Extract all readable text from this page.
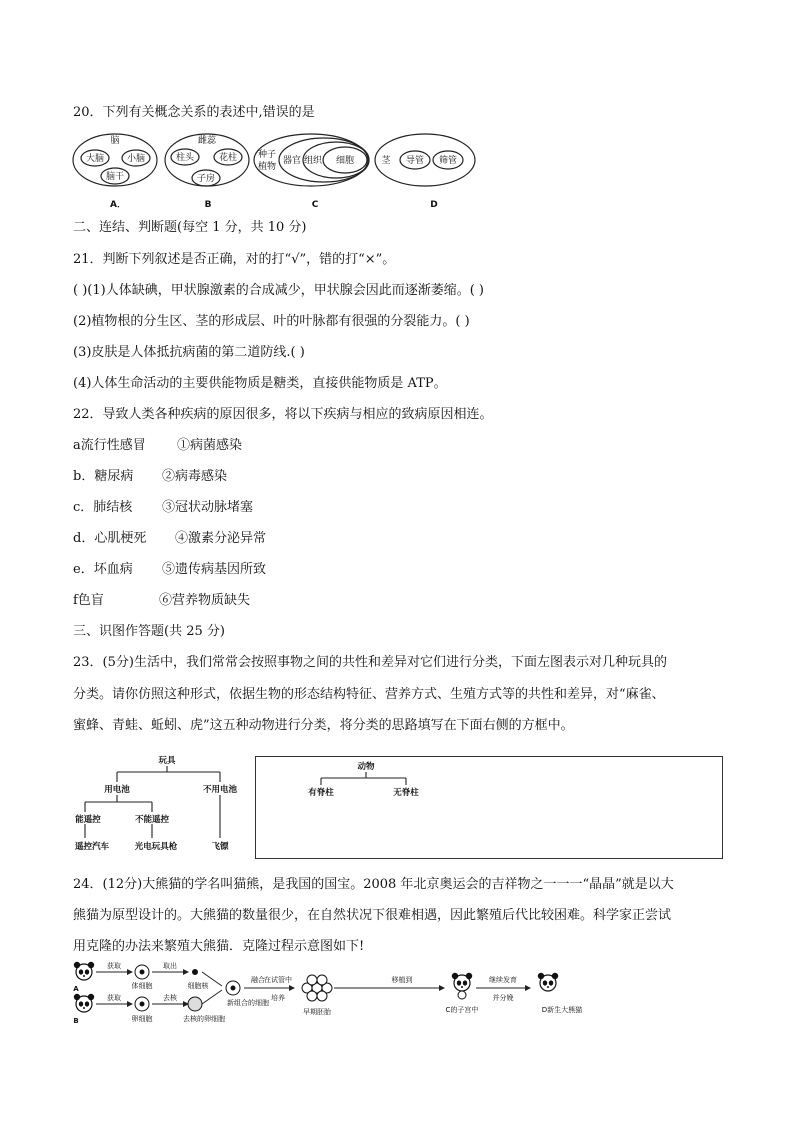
20．下列有关概念关系的表述中,错误的是
脑
大脑	小脑
脑干
A．
雌蕊
柱头	花柱
子房
B
种子
植物
器官 组织 细胞
C
茎 导管 筛管
D
二、连结、判断题(每空 1 分，共 10 分)
21．判断下列叙述是否正确，对的打“√”，错的打“×”。
( )(1)人体缺碘，甲状腺激素的合成减少，甲状腺会因此而逐渐萎缩。( )
(2)植物根的分生区、茎的形成层、叶的叶脉都有很强的分裂能力。( )
(3)皮肤是人体抵抗病菌的第二道防线.( )
(4)人体生命活动的主要供能物质是糖类，直接供能物质是 ATP。
22．导致人类各种疾病的原因很多，将以下疾病与相应的致病原因相连。
a流行性感冒 ①病菌感染
b．糖尿病 ②病毒感染
c．肺结核 ③冠状动脉堵塞
d．心肌梗死 ④激素分泌异常
e．坏血病 ⑤遗传病基因所致
f色盲	⑥营养物质缺失
三、识图作答题(共 25 分)
23．(5分)生活中，我们常常会按照事物之间的共性和差异对它们进行分类，下面左图表示对几种玩具的
分类。请你仿照这种形式，依据生物的形态结构特征、营养方式、生殖方式等的共性和差异，对“麻雀、
蜜蜂、青蛙、蚯蚓、虎”这五种动物进行分类，将分类的思路填写在下面右侧的方框中。
玩具
用电池	不用电池
能遥控	不能遥控
遥控汽车	光电玩具枪	飞镖
动物
有脊柱	无脊柱
24．(12分)大熊猫的学名叫猫熊，是我国的国宝。2008 年北京奥运会的吉祥物之一一一“晶晶”就是以大
熊猫为原型设计的。大熊猫的数量很少，在自然状况下很难相遇，因此繁殖后代比较困难。科学家正尝试
用克隆的办法来繁殖大熊猫．克隆过程示意图如下!
A
B
获取
体细胞
取出
细胞核
获取
卵细胞
去核
去核的卵细胞
融合
新组合的细胞
在试管中
培养
早期胚胎
移植到
C的子宫中
继续发育
并分娩
D新生大熊猫
